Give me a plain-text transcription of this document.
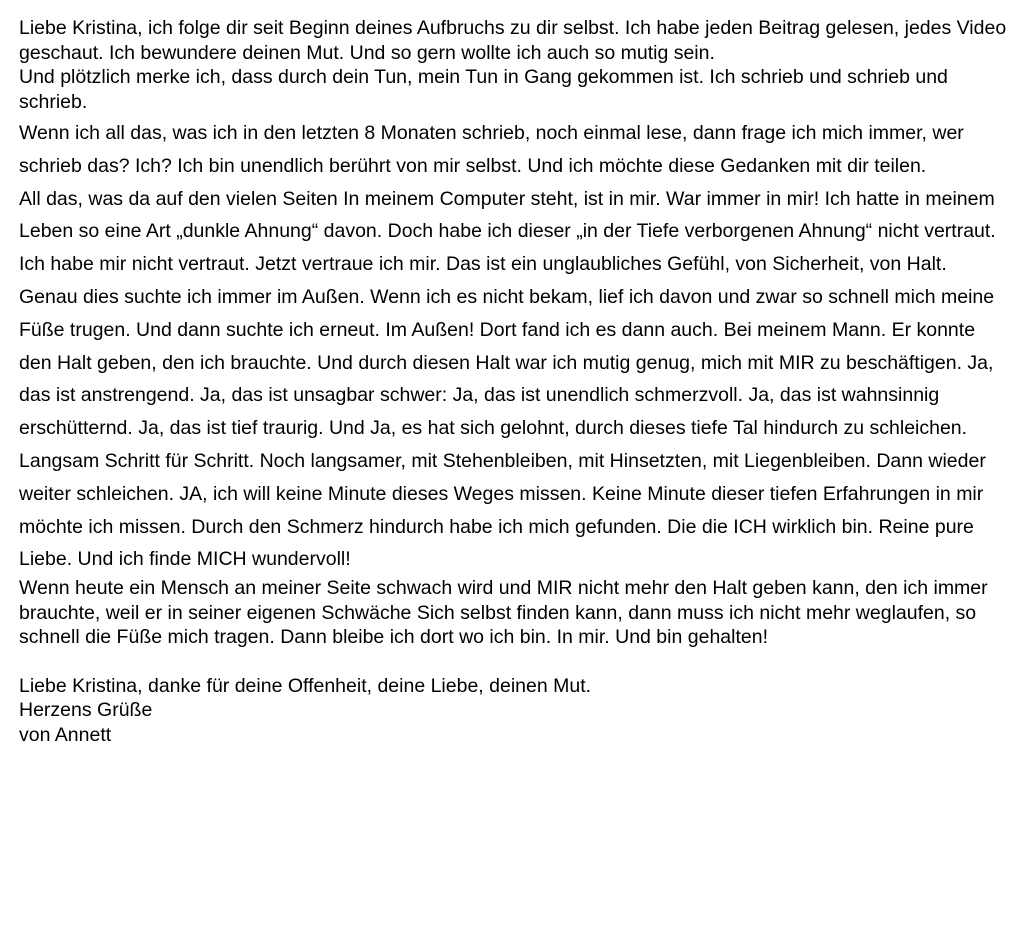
Liebe Kristina, ich folge dir seit Beginn deines Aufbruchs zu dir selbst. Ich habe jeden Beitrag gelesen, jedes Video geschaut. Ich bewundere deinen Mut. Und so gern wollte ich auch so mutig sein.

Und plötzlich merke ich, dass durch dein Tun, mein Tun in Gang gekommen ist. Ich schrieb und schrieb und schrieb.

Wenn ich all das, was ich in den letzten 8 Monaten schrieb, noch einmal lese, dann frage ich mich immer, wer schrieb das? Ich? Ich bin unendlich berührt von mir selbst. Und ich möchte diese Gedanken mit dir teilen.

All das, was da auf den vielen Seiten In meinem Computer steht, ist in mir. War immer in mir! Ich hatte in meinem Leben so eine Art „dunkle Ahnung“ davon. Doch habe ich dieser „in der Tiefe verborgenen Ahnung“ nicht vertraut. Ich habe mir nicht vertraut. Jetzt vertraue ich mir. Das ist ein unglaubliches Gefühl, von Sicherheit, von Halt. Genau dies suchte ich immer im Außen. Wenn ich es nicht bekam, lief ich davon und zwar so schnell mich meine Füße trugen. Und dann suchte ich erneut. Im Außen! Dort fand ich es dann auch. Bei meinem Mann. Er konnte den Halt geben, den ich brauchte. Und durch diesen Halt war ich mutig genug, mich mit MIR zu beschäftigen. Ja, das ist anstrengend. Ja, das ist unsagbar schwer: Ja, das ist unendlich schmerzvoll. Ja, das ist wahnsinnig erschütternd. Ja, das ist tief traurig. Und Ja, es hat sich gelohnt, durch dieses tiefe Tal hindurch zu schleichen. Langsam Schritt für Schritt. Noch langsamer, mit Stehenbleiben, mit Hinsetzten, mit Liegenbleiben. Dann wieder weiter schleichen. JA, ich will keine Minute dieses Weges missen. Keine Minute dieser tiefen Erfahrungen in mir möchte ich missen. Durch den Schmerz hindurch habe ich mich gefunden. Die die ICH wirklich bin. Reine pure Liebe. Und ich finde MICH wundervoll!

Wenn heute ein Mensch an meiner Seite schwach wird und MIR nicht mehr den Halt geben kann, den ich immer brauchte, weil er in seiner eigenen Schwäche Sich selbst finden kann, dann muss ich nicht mehr weglaufen, so schnell die Füße mich tragen. Dann bleibe ich dort wo ich bin. In mir. Und bin gehalten!

Liebe Kristina, danke für deine Offenheit, deine Liebe, deinen Mut.

Herzens Grüße

von Annett
